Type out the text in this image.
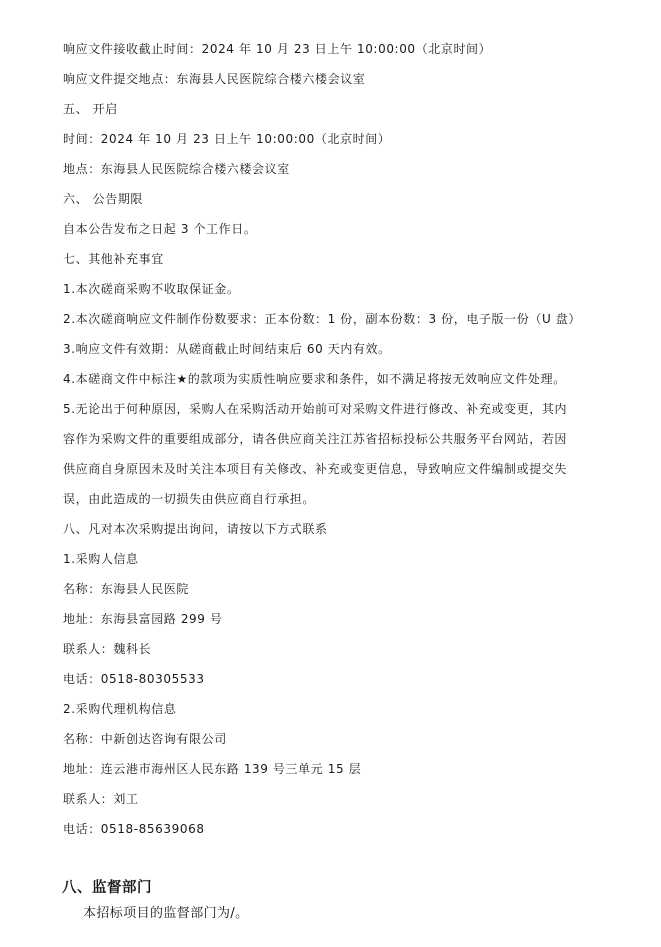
响应文件接收截止时间：2024 年 10 月 23 日上午 10:00:00（北京时间）
响应文件提交地点：东海县人民医院综合楼六楼会议室
五、 开启
时间：2024 年 10 月 23 日上午 10:00:00（北京时间）
地点：东海县人民医院综合楼六楼会议室
六、 公告期限
自本公告发布之日起 3 个工作日。
七、其他补充事宜
1.本次磋商采购不收取保证金。
2.本次磋商响应文件制作份数要求：正本份数：1 份，副本份数：3 份，电子版一份（U 盘）
3.响应文件有效期：从磋商截止时间结束后 60 天内有效。
4.本磋商文件中标注★的款项为实质性响应要求和条件，如不满足将按无效响应文件处理。
5.无论出于何种原因，采购人在采购活动开始前可对采购文件进行修改、补充或变更，其内
容作为采购文件的重要组成部分，请各供应商关注江苏省招标投标公共服务平台网站，若因
供应商自身原因未及时关注本项目有关修改、补充或变更信息，导致响应文件编制或提交失
误，由此造成的一切损失由供应商自行承担。
八、凡对本次采购提出询问，请按以下方式联系
1.采购人信息
名称：东海县人民医院
地址：东海县富园路 299 号
联系人：魏科长
电话：0518-80305533
2.采购代理机构信息
名称：中新创达咨询有限公司
地址：连云港市海州区人民东路 139 号三单元 15 层
联系人：刘工
电话：0518-85639068
八、监督部门
本招标项目的监督部门为/。
